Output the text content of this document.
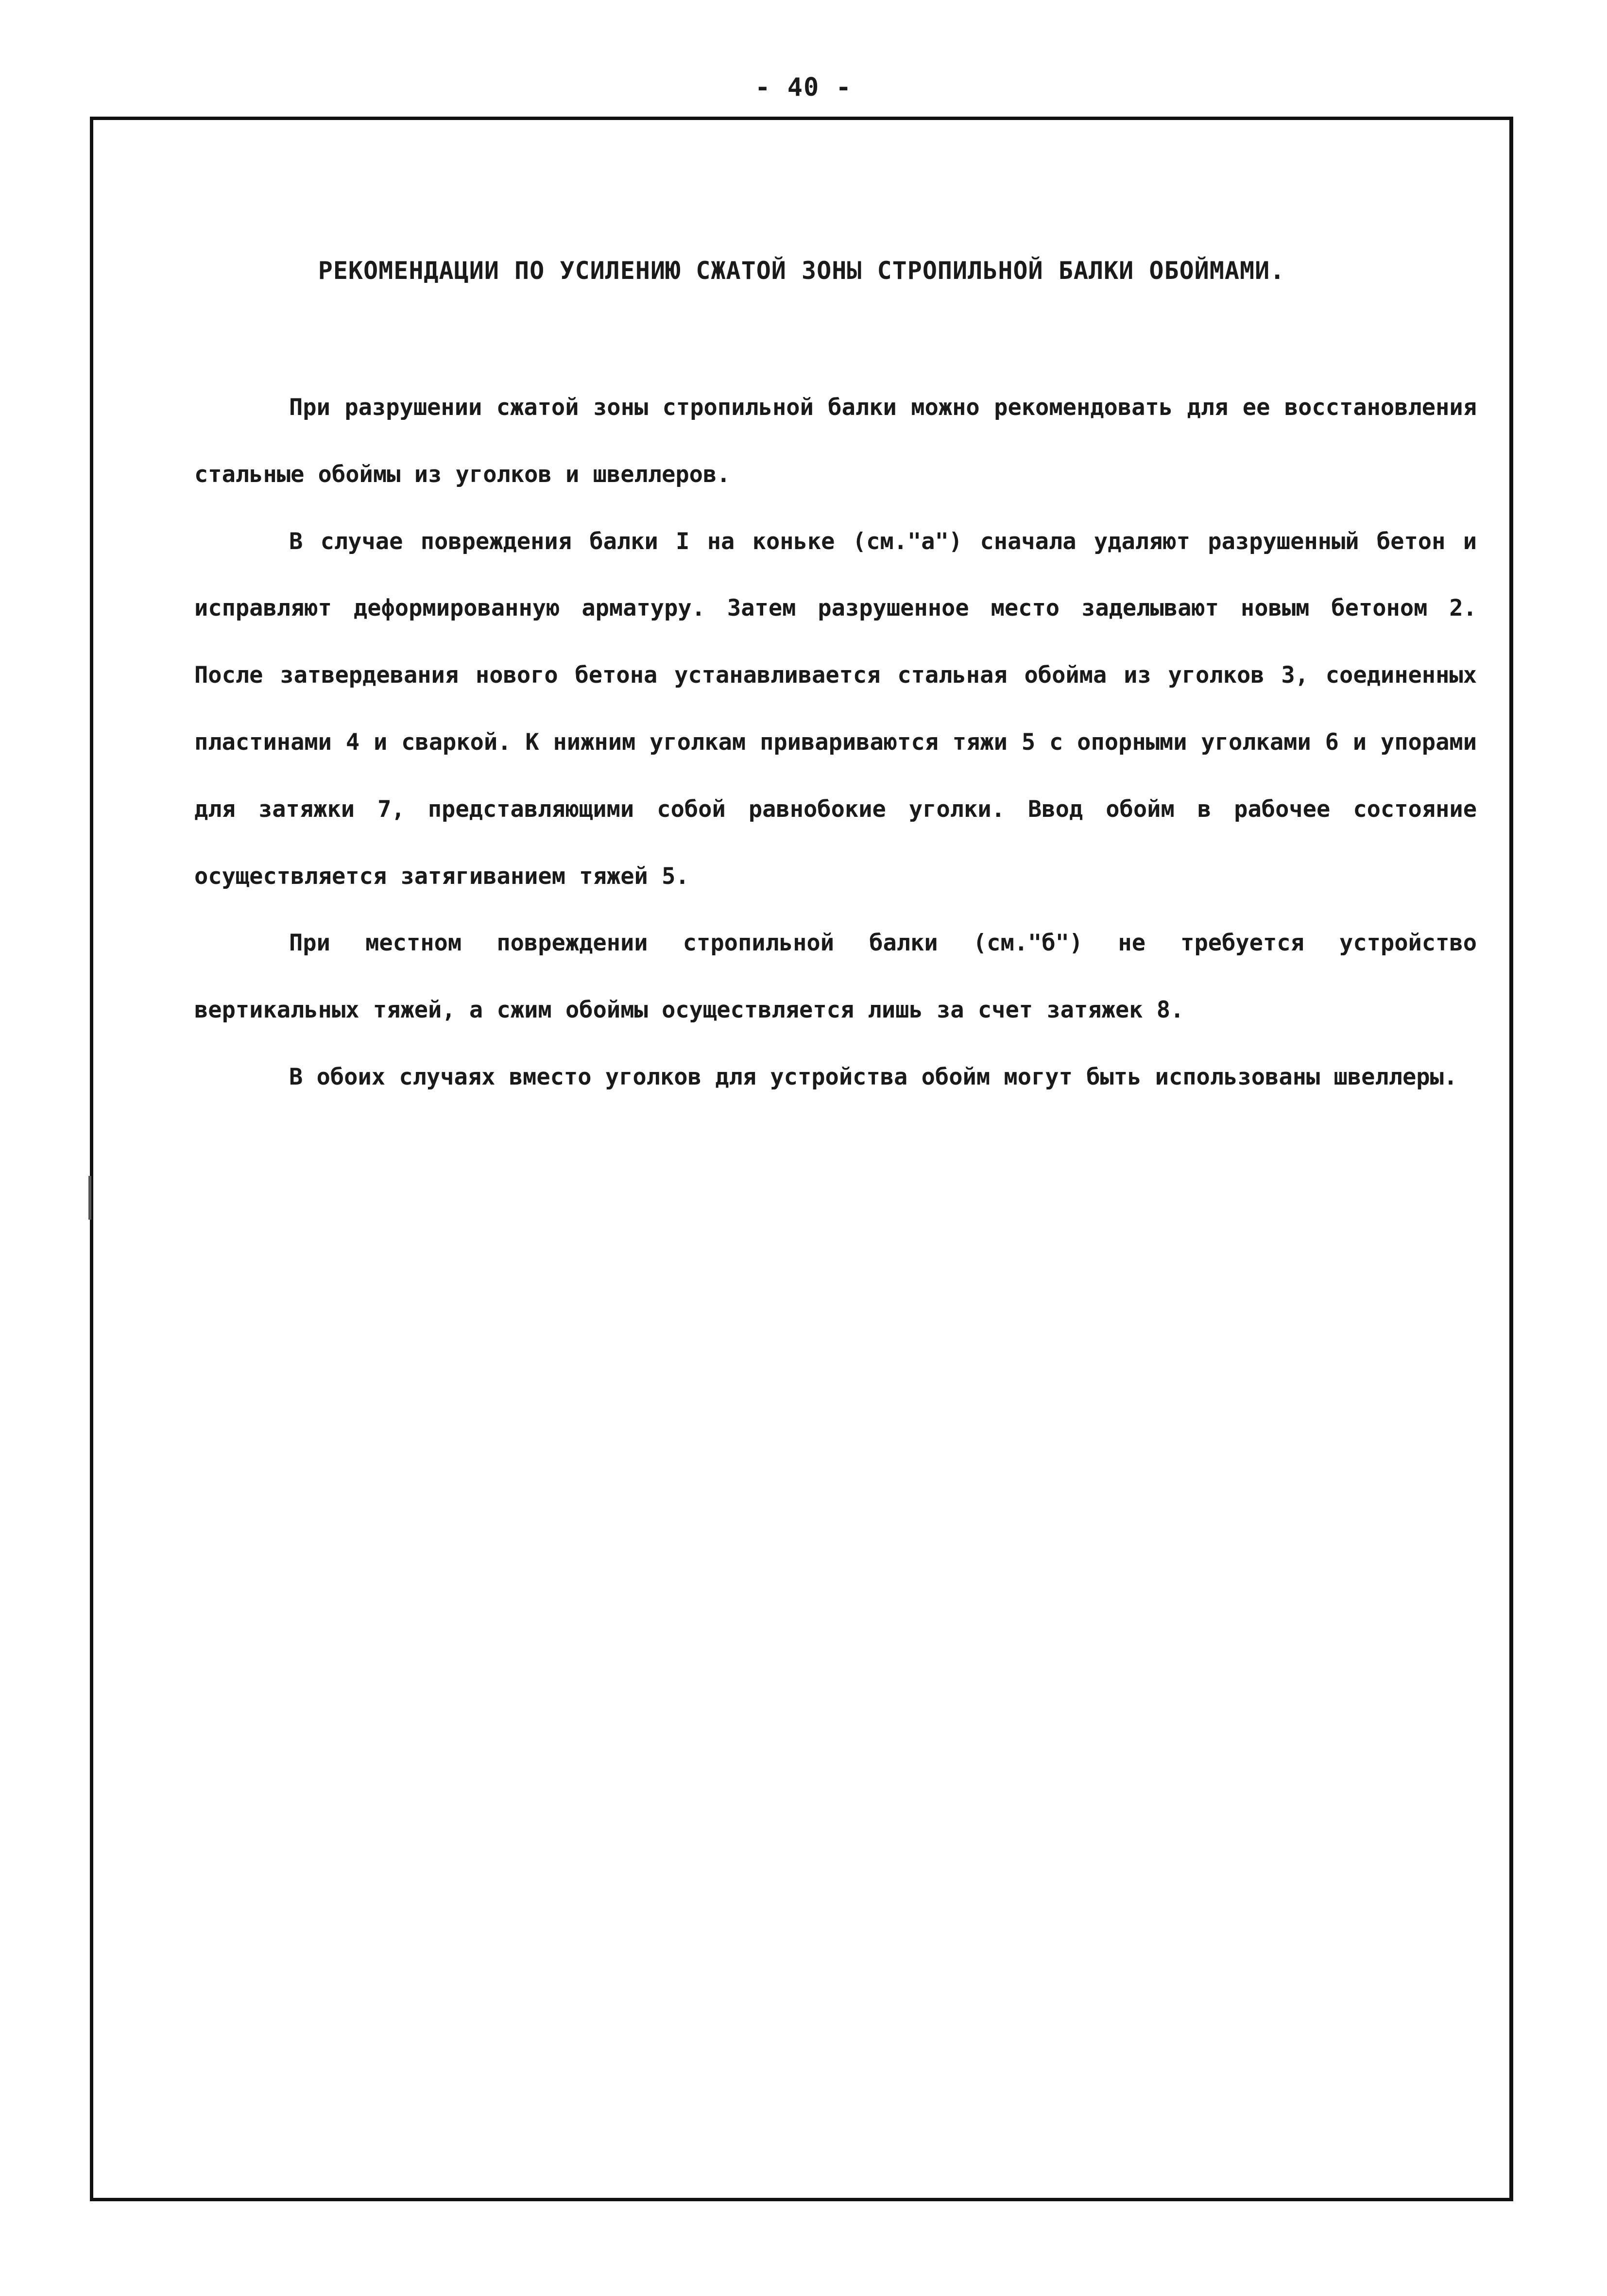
- 40 -
РЕКОМЕНДАЦИИ ПО УСИЛЕНИЮ СЖАТОЙ ЗОНЫ СТРОПИЛЬНОЙ БАЛКИ ОБОЙМАМИ.

При разрушении сжатой зоны стропильной балки можно рекомендовать для ее восстановления стальные обоймы из уголков и швеллеров.

В случае повреждения балки I на коньке (см."а") сначала удаляют разрушенный бетон и исправляют деформированную арматуру. Затем разрушенное место заделывают новым бетоном 2. После затвердевания нового бетона устанавливается стальная обойма из уголков 3, соединенных пластинами 4 и сваркой. К нижним уголкам привариваются тяжи 5 с опорными уголками 6 и упорами для затяжки 7, представляющими собой равнобокие уголки. Ввод обойм в рабочее состояние осуществляется затягиванием тяжей 5.

При местном повреждении стропильной балки (см."б") не требуется устройство вертикальных тяжей, а сжим обоймы осуществляется лишь за счет затяжек 8.

В обоих случаях вместо уголков для устройства обойм могут быть использованы швеллеры.
